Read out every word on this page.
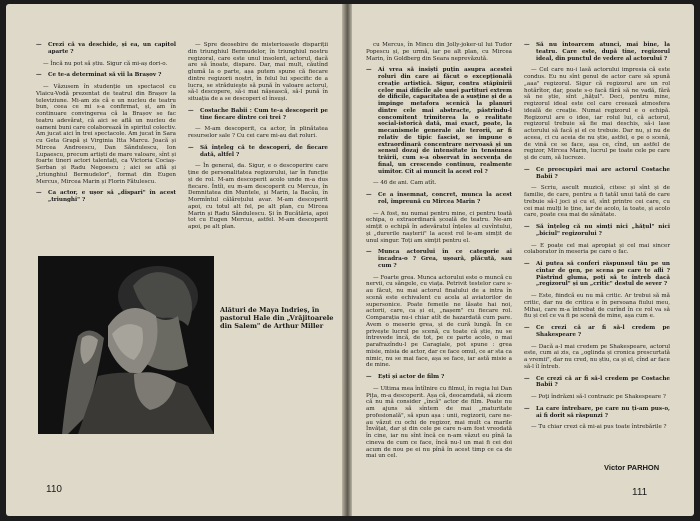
— Crezi că va deschide, și ea, un capitol aparte ?

— Încă nu pot să știu. Sigur că mi-aș dori-o.

— Ce te-a determinat să vii la Brașov ?

— Văzusem în studenție un spectacol cu Vlaicu-Vodă prezentat de teatrul din Brașov la televiziune. Mi-am zis că e un nucleu de teatru bun, ceea ce mi s-a confirmat, și, am în continuare convingerea că la Brașov se fac teatru adevărat, că aici se află un nucleu de oameni buni care colaborează în spiritul colectiv. Am jucat aici în trei spectacole. Am jucat în Sara cu Geta Grapă și Virginia Itta Marcu. Joacă și Mircea Andreescu, Dan Săndulescu, Ion Lupaescu, precum artiști de mare valoare, sînt și foarte tineri actori talentați, ca Victoria Cociaș-Șerban și Radu Negoescu ; aici se află și „triunghiul Bermudelor", format din Eugen Mercus, Mircea Marin și Florin Fătulescu.

— Ca actor, e ușor să „dispari" în acest „triunghi" ?

— Spre deosebire de misterioasele dispariții din triunghiul Bermudelor, în triunghiul nostru regizoral, care este unul insolent, actorul, dacă are să înoate, dispare. Dar, mai mult, căutînd glumă la o parte, așa putem spune că fiecare dintre regizorii noștri, în felul lui specific de a lucra, se străduiește să pună în valoare actorul, să-l descopere, să-i mai nășească, să-l pună în situația de a se descoperi el însuși.

— Costache Babii : Cum te-a descoperit pe tine fiecare dintre cei trei ?

— M-am descoperit, ca actor, în plinătatea resurselor sale ? Cu cei care mi-au dat roluri.

— Să înțeleg că te descoperi, de fiecare dată, altfel ?

— În general, da. Sigur, e o descoperire care ține de personalitatea regizorului, iar în funcție și de rol. M-am descoperit acolo unde m-a dus fiecare. Întîi, eu m-am descoperit cu Mercus, în Demnitatea din Muntele, și Marin, la Bacău, în Mormîntul călărețului avar. M-am descoperit apoi, cu totul alt fel, pe alt plan, cu Mircea Marin și Radu Săndulescu. Și în Bucătăria, apoi tot cu Eugen Mercus, astfel. M-am descoperit apoi, pe alt plan.

Alături de Maya Indrieș, în pastorul Hale din „Vrăjitoarele din Salem" de Arthur Miller
110

cu Mercus, în Mincu din Jolly-joker-ul lui Tudor Popescu și, pe urmă, iar pe alt plan, cu Mircea Marin, în Goldberg din Seara neprevăzută.

— Ai vrea să insiști puțin asupra acestei roluri din care ai făcut o excepțională creație artistică. Sigur, contra stăpînirii celor mai dificile ale unei partituri extrem de dificile, capacitatea de a susține și de a impinge metafora scenică la planuri dintre cele mai abstracte, păstrîndu-l concomitent trimiterea la o realitate social-istorică dată, mai exact, poate, la mecanismele generale ale terorii, ar fi relativ de tipic fascist, se impune o extraordinară concentrare nervoasă și un sensul dozaj de intensitate în tensiunea trăirii, cum s-a observat în secvența de final, un crescendo continuu, realmente uimitor. Cît ai muncit la acest rol ?

— 46 de ani. Cam atît.

— Ce a însemnat, concret, munca la acest rol, împreună cu Mircea Marin ?

— A fost, nu numai pentru mine, ci pentru toată echipa, o extraordinară școală de teatru. Ne-am simțit o echipă în adevăratul înțeles al cuvîntului, și „durerile nașterii" la acest rol le-am simțit de unul singur. Toți am simțit pentru el.

— Munca actorului în ce categorie ai încadra-o ? Grea, ușoară, plăcută, sau cum ?

— Foarte grea. Munca actorului este o muncă cu nervii, cu săngele, cu viața. Petrivit testelor care s-au făcut, nu mai actorul finalului de a intra în scenă este echivalent cu acela al aviatorilor de supersonice. Poate femeile ne lăsate hai noi, actorii, care, ca și ei, „nașem" cu fiecare rol. Comparația nu-i chiar atît de hazardată cum pare. Avem o meserie grea, și de cură lungă. În ce privește lucrul pe scenă, cu toate că știe, nu se întrevede încă, de tot, pe ce parte acolo, o mai parafrazîndu-l pe Caragiale, pot spune : grea misie, misia de actor, dar ce face omul, ce ar sta ca nimic, nu se mai face, așa se face, iar astă misie a de mine.

— Ești și actor de film ?

— Ultima mea întîlnire cu filmul, în regia lui Dan Pița, m-a descoperit. Așa că, deocamdată, să zicem că nu mă consider „încă" actor de film. Poate nu am ajuns să sîntem de mai „maturitate profesională", să spun așa : unii, regizorii, care ne-au văzut cu ochi de regizor, mai mult ca marile Învățat, dar și din cele pe care n-am fost vreodată în cine, iar nu sînt încă ce n-am văzut eu pînă la cineva de cum ce face, încă nu-l un mai fi cei doi acum de nou pe ei nu pînă în acest timp ce ca de mai un cel.

— Să nu întoarcem atunci, mai bine, la teatru. Care este, după tine, regizorul ideal, din punctul de vedere al actorului ?

— Cel care nu-i lasă actorului impresia că este condus. Eu nu sînt genul de actor care să spună „aaa" regizorul. Sigur că regizorul are un rol hotărîtor, dar, poate s-o facă fără să ne vadă, fără să ne știe, sînt „hățul". Deci, pentru mine, regizorul ideal este cel care creează atmosfera ideală de creație. Numai regizorul e o echipă. Regizorul are o idee, iar rolul lui, că actorul, regizorul trebuie să fie mai deschis, să-i lase actorului să facă și el ce trebuie. Dar nu, și nu de aceea, ci cu aceia de nu știe, astfel, e pe o scenă, de vină ce se face, așa ce, cînd, un astfel de regizor, Mircea Marin, lucrul pe toate cele pe care și de cum, să lucreze.

— Ce preocupări mai are actorul Costache Babii ?

— Scriu, ascult muzică, citesc și sînt și de familie, de care, pentru a fi tatăl unui tată de care trebuie să-l joci și cu el, sînt printre cei care, cu cei mai mulți le ține, iar de acolo, la toate, și acolo care, poate cea mai de sănătate.

— Să înțeleg că nu simți nici „hățul" nici „biciul" regizorului ?

— E poate cel mai apropiat și cel mai sincer colaborator în meseria pe care o fac.

— Ai putea să conferi răspunsul tău pe un cîntar de gen, pe scena pe care te afli ? Păstrînd gluma, poți să te întreb dacă „regizorul" și un „critic" destul de sever ?

— Este, fiindcă eu nu mă critic. Ar trebui să mă critic, dar nu de critica e în persoana fiului meu, Mihai, care m-a întrebat de curînd în ce rol va să fiu și cel ce va fi pe scenă de mine, așa cum e.

— Ce crezi că ar fi să-l credem pe Shakespeare ?

— Dacă a-l mai credem pe Shakespeare, actorul este, cum ai zis, ca „oglinda și cronica prescurtată a vremii", dar nu cred, nu știu, ca și el, cînd ar face să-l îl întreb.

— Ce crezi că ar fi să-l credem pe Costache Babii ?

— Poţi îndrăzni să-l contrazic pe Shakespeare ?

— La care întrebare, pe care nu ți-am pus-o, ai fi dorit să răspunzi ?

— Tu chiar crezi că mi-ai pus toate întrebările ?

Victor PARHON
111
